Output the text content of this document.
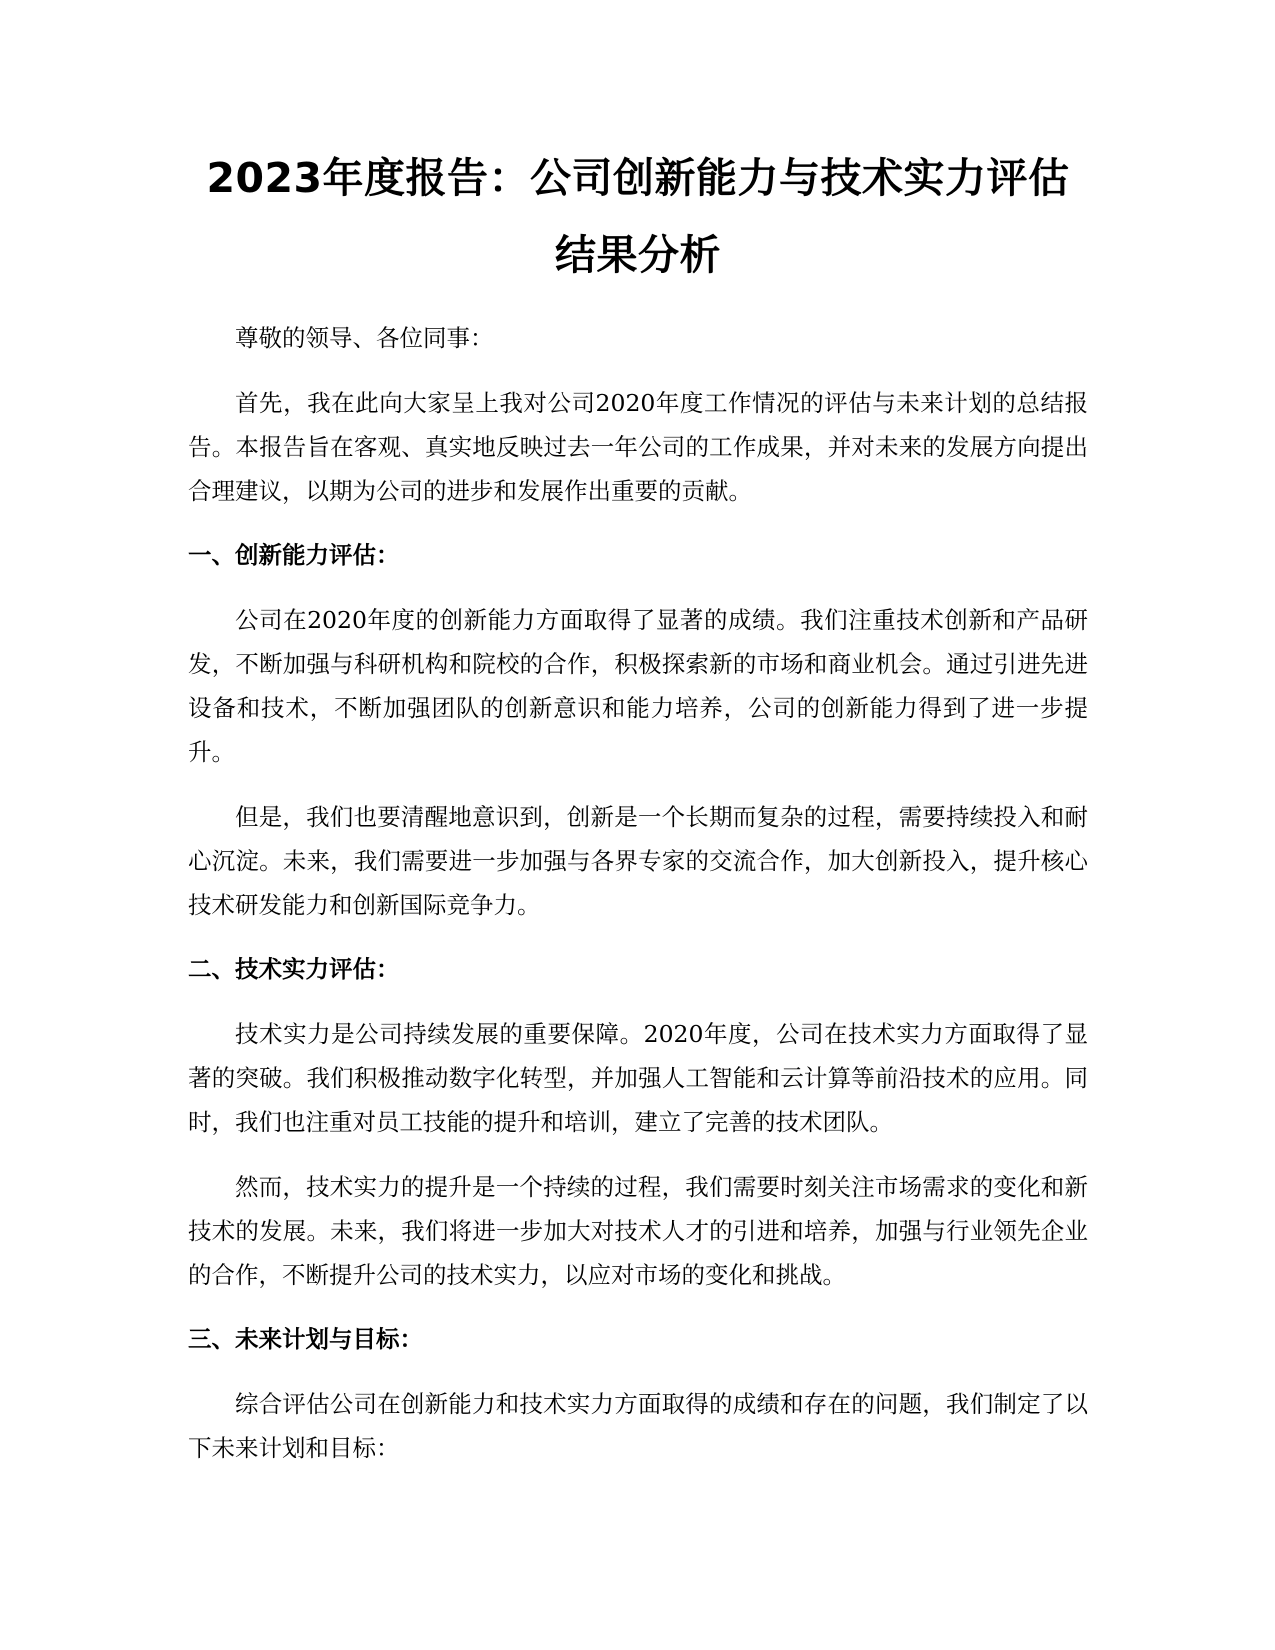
2023年度报告：公司创新能力与技术实力评估结果分析

尊敬的领导、各位同事：

首先，我在此向大家呈上我对公司2020年度工作情况的评估与未来计划的总结报告。本报告旨在客观、真实地反映过去一年公司的工作成果，并对未来的发展方向提出合理建议，以期为公司的进步和发展作出重要的贡献。

一、创新能力评估：

公司在2020年度的创新能力方面取得了显著的成绩。我们注重技术创新和产品研发，不断加强与科研机构和院校的合作，积极探索新的市场和商业机会。通过引进先进设备和技术，不断加强团队的创新意识和能力培养，公司的创新能力得到了进一步提升。

但是，我们也要清醒地意识到，创新是一个长期而复杂的过程，需要持续投入和耐心沉淀。未来，我们需要进一步加强与各界专家的交流合作，加大创新投入，提升核心技术研发能力和创新国际竞争力。

二、技术实力评估：

技术实力是公司持续发展的重要保障。2020年度，公司在技术实力方面取得了显著的突破。我们积极推动数字化转型，并加强人工智能和云计算等前沿技术的应用。同时，我们也注重对员工技能的提升和培训，建立了完善的技术团队。

然而，技术实力的提升是一个持续的过程，我们需要时刻关注市场需求的变化和新技术的发展。未来，我们将进一步加大对技术人才的引进和培养，加强与行业领先企业的合作，不断提升公司的技术实力，以应对市场的变化和挑战。

三、未来计划与目标：

综合评估公司在创新能力和技术实力方面取得的成绩和存在的问题，我们制定了以下未来计划和目标：
